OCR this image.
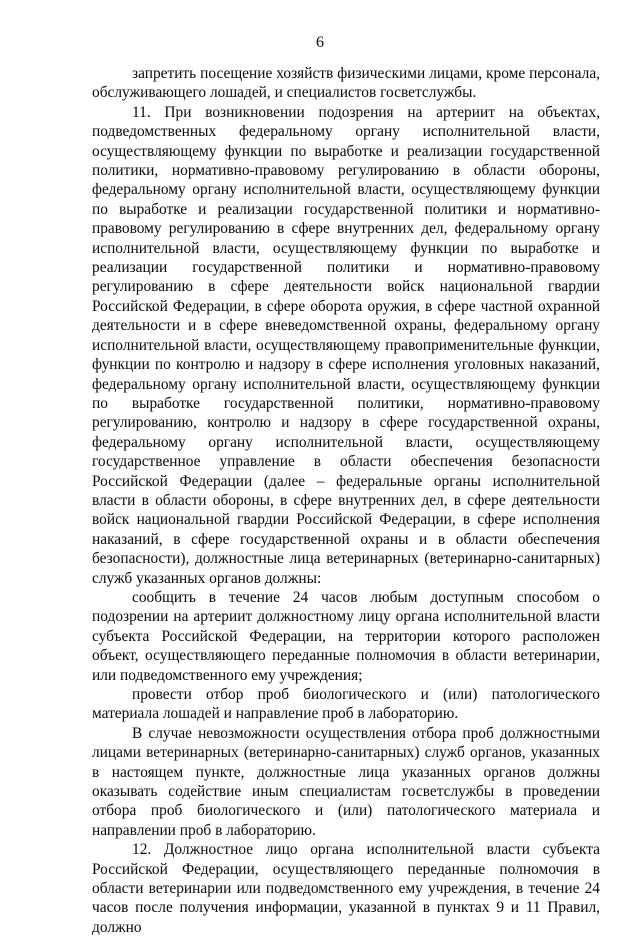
6

запретить посещение хозяйств физическими лицами, кроме персонала, обслуживающего лошадей, и специалистов госветслужбы.

11. При возникновении подозрения на артериит на объектах, подведомственных федеральному органу исполнительной власти, осуществляющему функции по выработке и реализации государственной политики, нормативно-правовому регулированию в области обороны, федеральному органу исполнительной власти, осуществляющему функции по выработке и реализации государственной политики и нормативно-правовому регулированию в сфере внутренних дел, федеральному органу исполнительной власти, осуществляющему функции по выработке и реализации государственной политики и нормативно-правовому регулированию в сфере деятельности войск национальной гвардии Российской Федерации, в сфере оборота оружия, в сфере частной охранной деятельности и в сфере вневедомственной охраны, федеральному органу исполнительной власти, осуществляющему правоприменительные функции, функции по контролю и надзору в сфере исполнения уголовных наказаний, федеральному органу исполнительной власти, осуществляющему функции по выработке государственной политики, нормативно-правовому регулированию, контролю и надзору в сфере государственной охраны, федеральному органу исполнительной власти, осуществляющему государственное управление в области обеспечения безопасности Российской Федерации (далее – федеральные органы исполнительной власти в области обороны, в сфере внутренних дел, в сфере деятельности войск национальной гвардии Российской Федерации, в сфере исполнения наказаний, в сфере государственной охраны и в области обеспечения безопасности), должностные лица ветеринарных (ветеринарно-санитарных) служб указанных органов должны:

сообщить в течение 24 часов любым доступным способом о подозрении на артериит должностному лицу органа исполнительной власти субъекта Российской Федерации, на территории которого расположен объект, осуществляющего переданные полномочия в области ветеринарии, или подведомственного ему учреждения;

провести отбор проб биологического и (или) патологического материала лошадей и направление проб в лабораторию.

В случае невозможности осуществления отбора проб должностными лицами ветеринарных (ветеринарно-санитарных) служб органов, указанных в настоящем пункте, должностные лица указанных органов должны оказывать содействие иным специалистам госветслужбы в проведении отбора проб биологического и (или) патологического материала и направлении проб в лабораторию.

12. Должностное лицо органа исполнительной власти субъекта Российской Федерации, осуществляющего переданные полномочия в области ветеринарии или подведомственного ему учреждения, в течение 24 часов после получения информации, указанной в пунктах 9 и 11 Правил, должно
